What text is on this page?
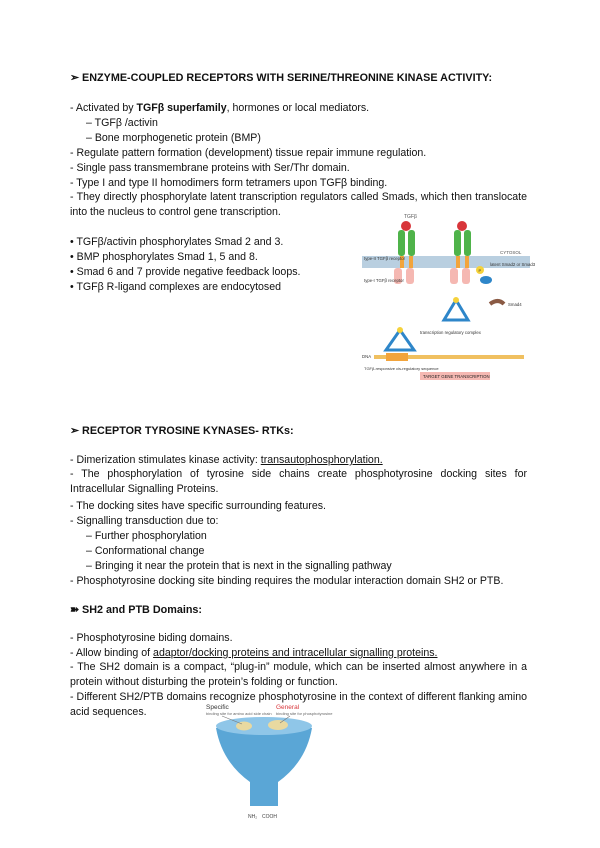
➢ ENZYME-COUPLED RECEPTORS WITH SERINE/THREONINE KINASE ACTIVITY:
- Activated by TGFβ superfamily, hormones or local mediators.
– TGFβ /activin
– Bone morphogenetic protein (BMP)
- Regulate pattern formation (development) tissue repair immune regulation.
- Single pass transmembrane proteins with Ser/Thr domain.
- Type I and type II homodimers form tetramers upon TGFβ binding.
- They directly phosphorylate latent transcription regulators called Smads, which then translocate into the nucleus to control gene transcription.
• TGFβ/activin phosphorylates Smad 2 and 3.
• BMP phosphorylates Smad 1, 5 and 8.
• Smad 6 and 7 provide negative feedback loops.
• TGFβ R-ligand complexes are endocytosed
TGFβ
CYTOSOL
type-II TGFβ receptor
type-I TGFβ receptor
P
latent Smad2 or Smad3
Smad4
transcription regulatory complex
DNA
TGFβ-responsive cis-regulatory sequence
TARGET GENE TRANSCRIPTION
➢ RECEPTOR TYROSINE KYNASES- RTKs:
- Dimerization stimulates kinase activity: transautophosphorylation.
- The phosphorylation of tyrosine side chains create phosphotyrosine docking sites for Intracellular Signalling Proteins.
- The docking sites have specific surrounding features.
- Signalling transduction due to:
– Further phosphorylation
– Conformational change
– Bringing it near the protein that is next in the signalling pathway
- Phosphotyrosine docking site binding requires the modular interaction domain SH2 or PTB.
➽ SH2 and PTB Domains:
- Phosphotyrosine biding domains.
- Allow binding of adaptor/docking proteins and intracellular signalling proteins.
- The SH2 domain is a compact, “plug-in” module, which can be inserted almost anywhere in a protein without disturbing the protein’s folding or function.
- Different SH2/PTB domains recognize phosphotyrosine in the context of different flanking amino acid sequences.	Specific
binding site for amino acid side chain
General
binding site for phosphotyrosine
NH₂ COOH
